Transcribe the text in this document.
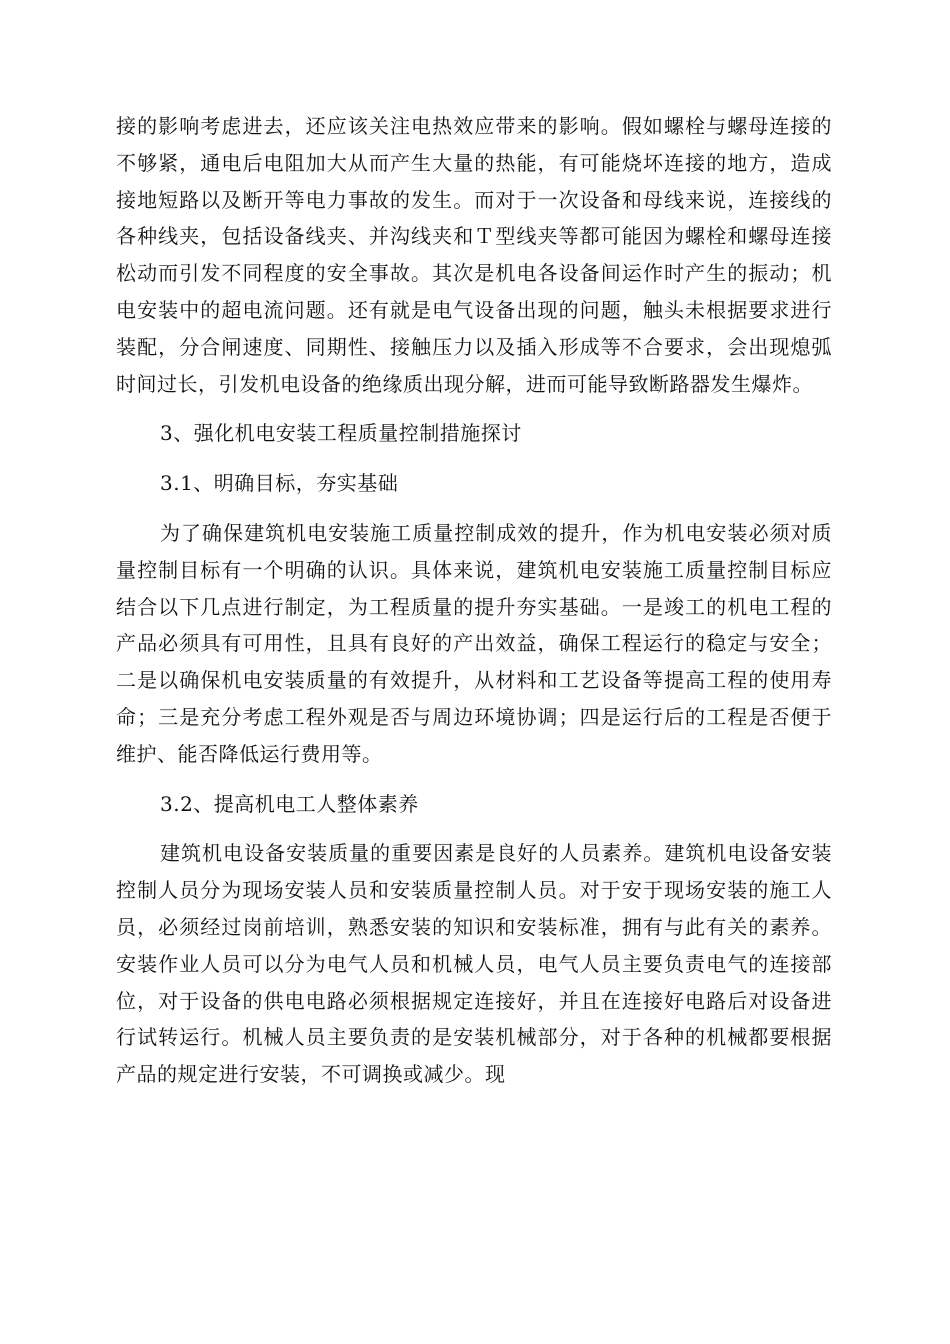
接的影响考虑进去，还应该关注电热效应带来的影响。假如螺栓与螺母连接的不够紧，通电后电阻加大从而产生大量的热能，有可能烧坏连接的地方，造成接地短路以及断开等电力事故的发生。而对于一次设备和母线来说，连接线的各种线夹，包括设备线夹、并沟线夹和Ｔ型线夹等都可能因为螺栓和螺母连接松动而引发不同程度的安全事故。其次是机电各设备间运作时产生的振动；机电安装中的超电流问题。还有就是电气设备出现的问题，触头未根据要求进行装配，分合闸速度、同期性、接触压力以及插入形成等不合要求，会出现熄弧时间过长，引发机电设备的绝缘质出现分解，进而可能导致断路器发生爆炸。

3、强化机电安装工程质量控制措施探讨

3.1、明确目标，夯实基础

为了确保建筑机电安装施工质量控制成效的提升，作为机电安装必须对质量控制目标有一个明确的认识。具体来说，建筑机电安装施工质量控制目标应结合以下几点进行制定，为工程质量的提升夯实基础。一是竣工的机电工程的产品必须具有可用性，且具有良好的产出效益，确保工程运行的稳定与安全；二是以确保机电安装质量的有效提升，从材料和工艺设备等提高工程的使用寿命；三是充分考虑工程外观是否与周边环境协调；四是运行后的工程是否便于维护、能否降低运行费用等。

3.2、提高机电工人整体素养

建筑机电设备安装质量的重要因素是良好的人员素养。建筑机电设备安装控制人员分为现场安装人员和安装质量控制人员。对于安于现场安装的施工人员，必须经过岗前培训，熟悉安装的知识和安装标准，拥有与此有关的素养。安装作业人员可以分为电气人员和机械人员，电气人员主要负责电气的连接部位，对于设备的供电电路必须根据规定连接好，并且在连接好电路后对设备进行试转运行。机械人员主要负责的是安装机械部分，对于各种的机械都要根据产品的规定进行安装，不可调换或减少。现
